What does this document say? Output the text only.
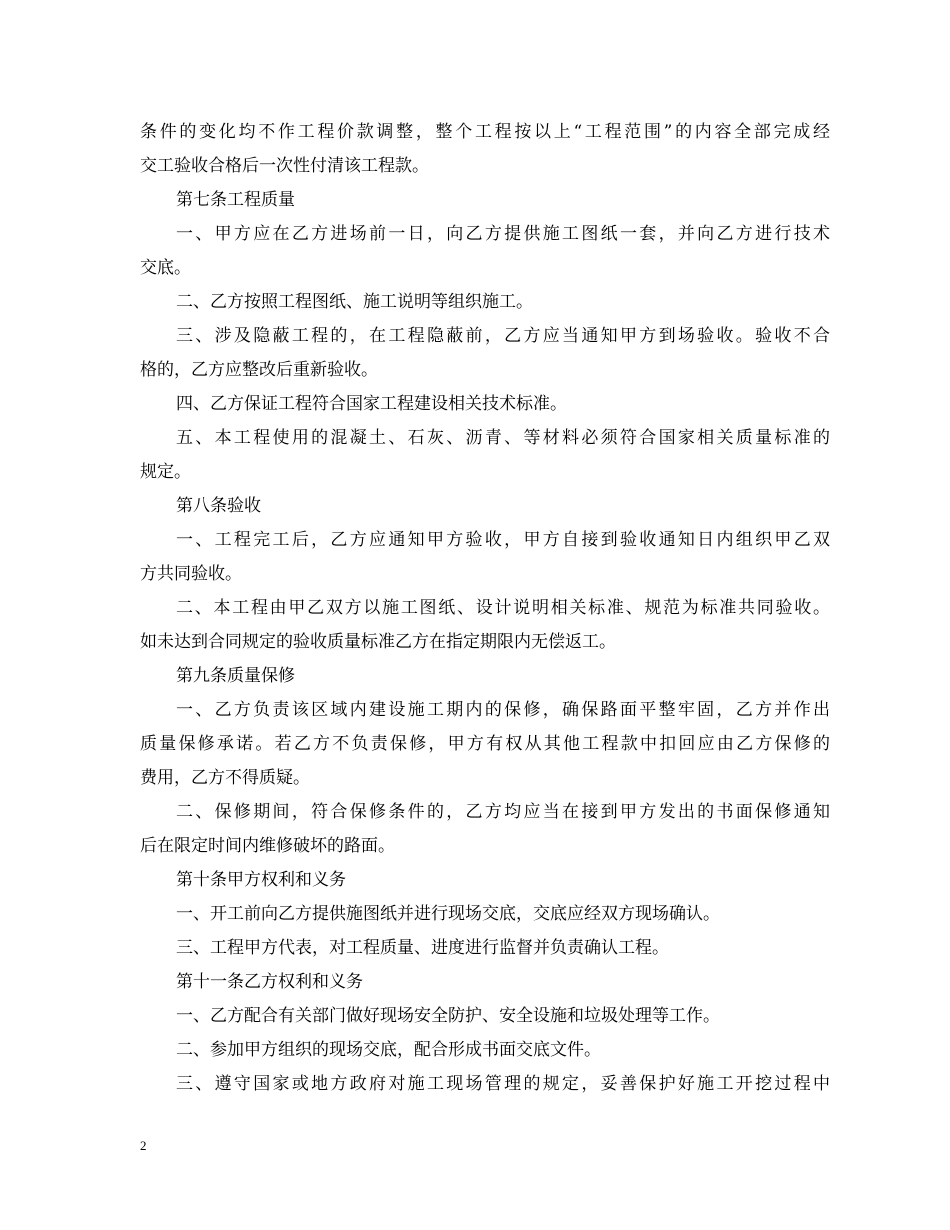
条件的变化均不作工程价款调整，整个工程按以上“工程范围”的内容全部完成经
交工验收合格后一次性付清该工程款。
第七条工程质量
一、甲方应在乙方进场前一日，向乙方提供施工图纸一套，并向乙方进行技术
交底。
二、乙方按照工程图纸、施工说明等组织施工。
三、涉及隐蔽工程的，在工程隐蔽前，乙方应当通知甲方到场验收。验收不合
格的，乙方应整改后重新验收。
四、乙方保证工程符合国家工程建设相关技术标准。
五、本工程使用的混凝土、石灰、沥青、等材料必须符合国家相关质量标准的
规定。
第八条验收
一、工程完工后，乙方应通知甲方验收，甲方自接到验收通知日内组织甲乙双
方共同验收。
二、本工程由甲乙双方以施工图纸、设计说明相关标准、规范为标准共同验收。
如未达到合同规定的验收质量标准乙方在指定期限内无偿返工。
第九条质量保修
一、乙方负责该区域内建设施工期内的保修，确保路面平整牢固，乙方并作出
质量保修承诺。若乙方不负责保修，甲方有权从其他工程款中扣回应由乙方保修的
费用，乙方不得质疑。
二、保修期间，符合保修条件的，乙方均应当在接到甲方发出的书面保修通知
后在限定时间内维修破坏的路面。
第十条甲方权利和义务
一、开工前向乙方提供施图纸并进行现场交底，交底应经双方现场确认。
三、工程甲方代表，对工程质量、进度进行监督并负责确认工程。
第十一条乙方权利和义务
一、乙方配合有关部门做好现场安全防护、安全设施和垃圾处理等工作。
二、参加甲方组织的现场交底，配合形成书面交底文件。
三、遵守国家或地方政府对施工现场管理的规定，妥善保护好施工开挖过程中
2
